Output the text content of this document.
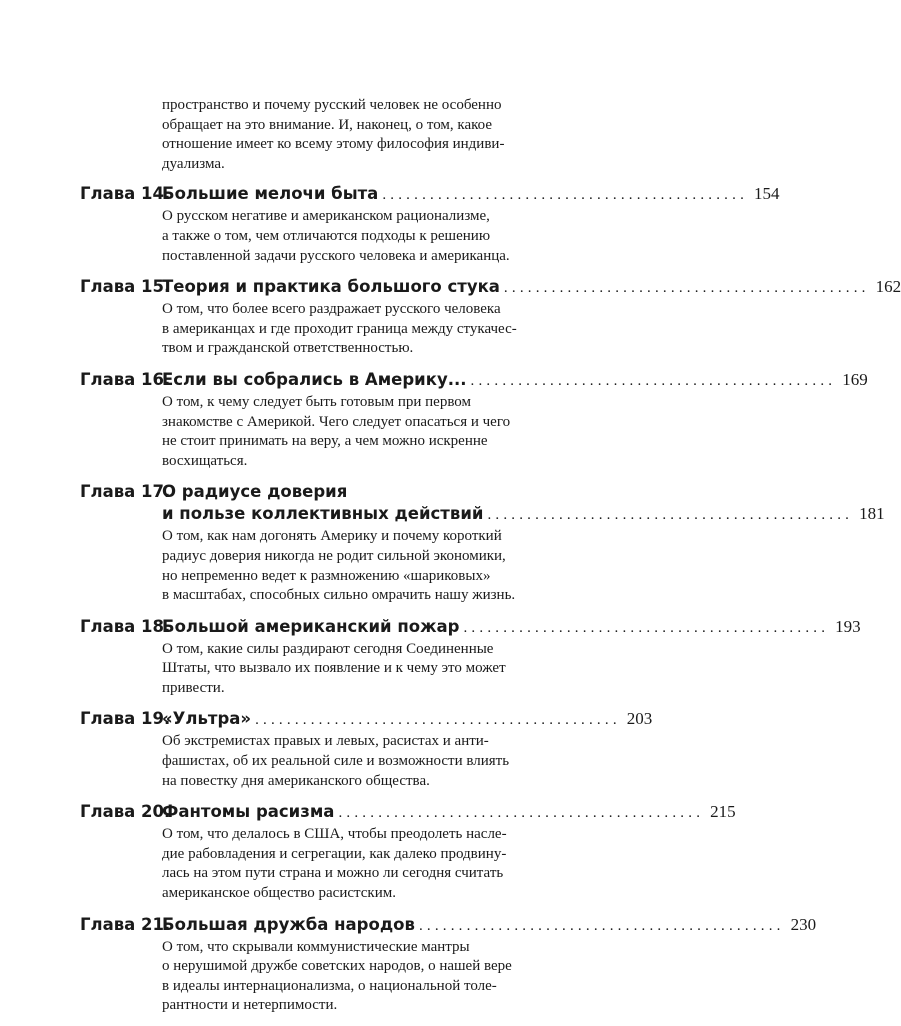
пространство и почему русский человек не особенно
обращает на это внимание. И, наконец, о том, какое
отношение имеет ко всему этому философия индиви-
дуализма.
Глава 14.
Большие мелочи быта .............................................. 154
О русском негативе и американском рационализме,
а также о том, чем отличаются подходы к решению
поставленной задачи русского человека и американца.
Глава 15.
Теория и практика большого стука .............................................. 162
О том, что более всего раздражает русского человека
в американцах и где проходит граница между стукачес-
твом и гражданской ответственностью.
Глава 16.
Если вы собрались в Америку... .............................................. 169
О том, к чему следует быть готовым при первом
знакомстве с Америкой. Чего следует опасаться и чего
не стоит принимать на веру, а чем можно искренне
восхищаться.
Глава 17.
О радиусе доверия
и пользе коллективных действий .............................................. 181
О том, как нам догонять Америку и почему короткий
радиус доверия никогда не родит сильной экономики,
но непременно ведет к размножению «шариковых»
в масштабах, способных сильно омрачить нашу жизнь.
Глава 18.
Большой американский пожар .............................................. 193
О том, какие силы раздирают сегодня Соединенные
Штаты, что вызвало их появление и к чему это может
привести.
Глава 19.
«Ультра» .............................................. 203
Об экстремистах правых и левых, расистах и анти-
фашистах, об их реальной силе и возможности влиять
на повестку дня американского общества.
Глава 20.
Фантомы расизма .............................................. 215
О том, что делалось в США, чтобы преодолеть насле-
дие рабовладения и сегрегации, как далеко продвину-
лась на этом пути страна и можно ли сегодня считать
американское общество расистским.
Глава 21.
Большая дружба народов .............................................. 230
О том, что скрывали коммунистические мантры
о нерушимой дружбе советских народов, о нашей вере
в идеалы интернационализма, о национальной толе-
рантности и нетерпимости.
